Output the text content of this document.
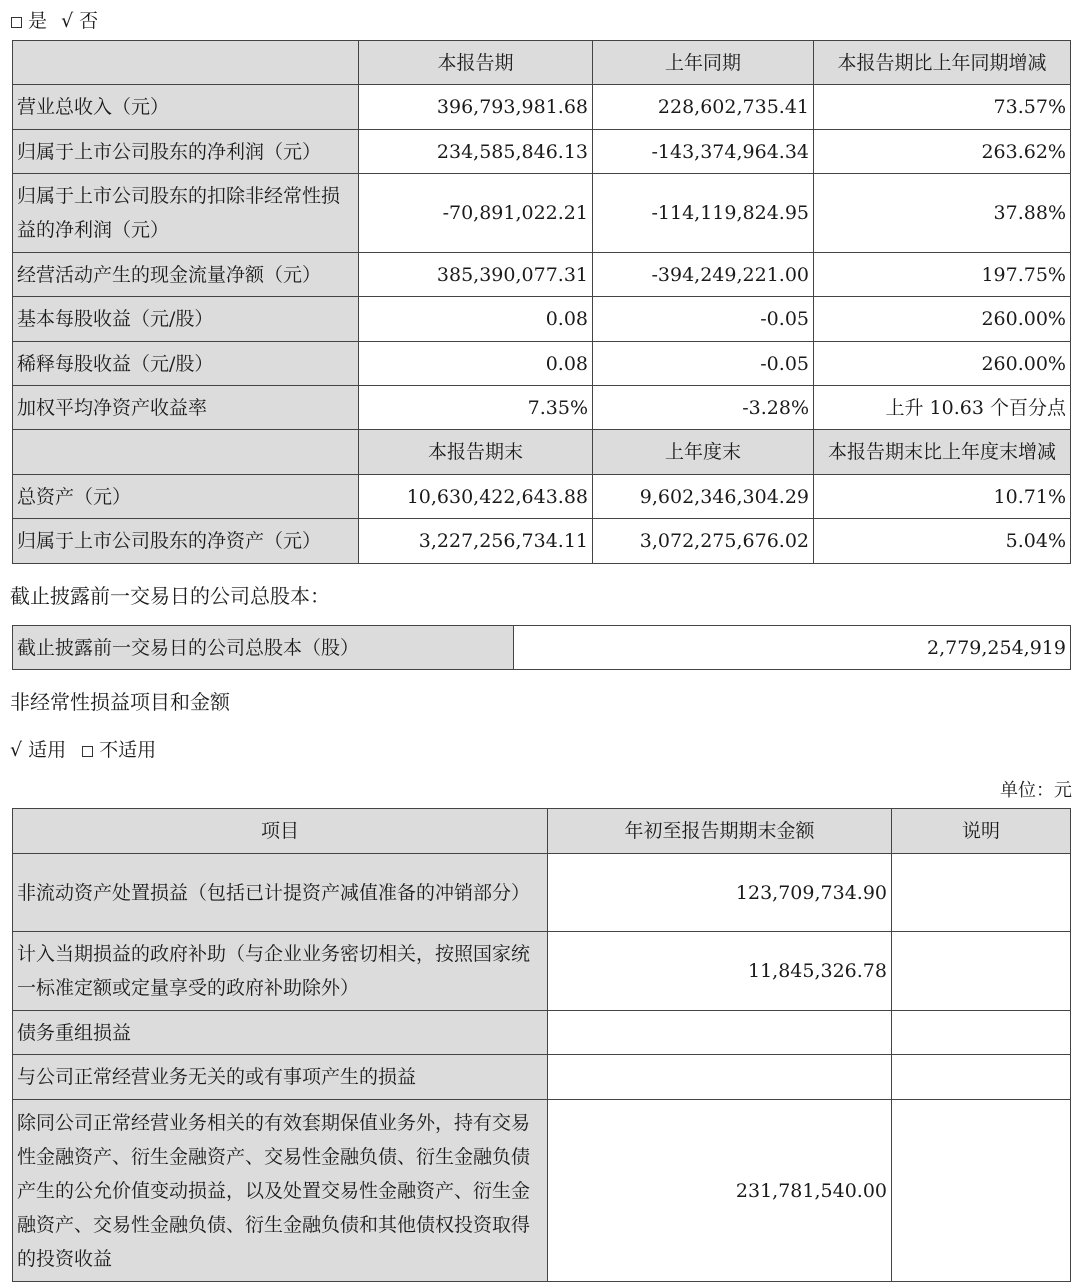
是 √ 否
	本报告期	上年同期	本报告期比上年同期增减
营业总收入（元）	396,793,981.68	228,602,735.41	73.57%
归属于上市公司股东的净利润（元）	234,585,846.13	-143,374,964.34	263.62%
归属于上市公司股东的扣除非经常性损益的净利润（元）	-70,891,022.21	-114,119,824.95	37.88%
经营活动产生的现金流量净额（元）	385,390,077.31	-394,249,221.00	197.75%
基本每股收益（元/股）	0.08	-0.05	260.00%
稀释每股收益（元/股）	0.08	-0.05	260.00%
加权平均净资产收益率	7.35%	-3.28%	上升 10.63 个百分点
	本报告期末	上年度末	本报告期末比上年度末增减
总资产（元）	10,630,422,643.88	9,602,346,304.29	10.71%
归属于上市公司股东的净资产（元）	3,227,256,734.11	3,072,275,676.02	5.04%
截止披露前一交易日的公司总股本：
截止披露前一交易日的公司总股本（股）	2,779,254,919
非经常性损益项目和金额
√ 适用 不适用
单位：元
项目	年初至报告期期末金额	说明
非流动资产处置损益（包括已计提资产减值准备的冲销部分）	123,709,734.90	
计入当期损益的政府补助（与企业业务密切相关，按照国家统一标准定额或定量享受的政府补助除外）	11,845,326.78	
债务重组损益		
与公司正常经营业务无关的或有事项产生的损益		
除同公司正常经营业务相关的有效套期保值业务外，持有交易性金融资产、衍生金融资产、交易性金融负债、衍生金融负债产生的公允价值变动损益，以及处置交易性金融资产、衍生金融资产、交易性金融负债、衍生金融负债和其他债权投资取得的投资收益	231,781,540.00	
